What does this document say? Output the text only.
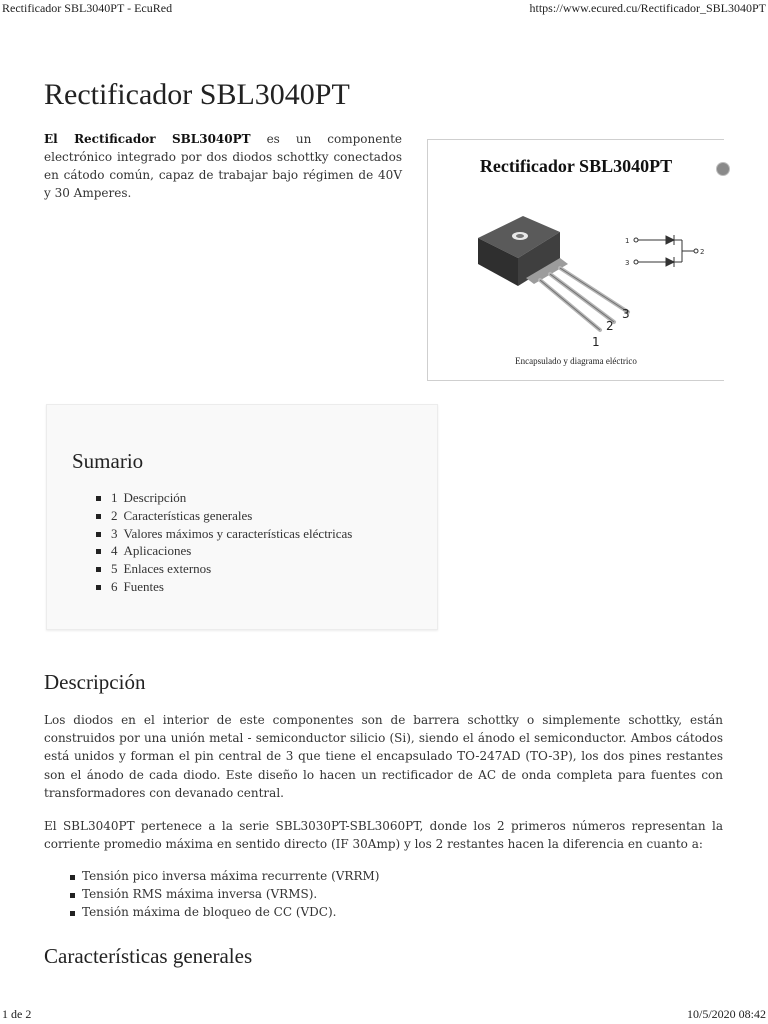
Rectificador SBL3040PT - EcuRed	https://www.ecured.cu/Rectificador_SBL3040PT
Rectificador SBL3040PT

El Rectificador SBL3040PT es un componente electrónico integrado por dos diodos schottky conectados en cátodo común, capaz de trabajar bajo régimen de 40V y 30 Amperes.

Rectificador SBL3040PT
1
2
3
1
3
2
Encapsulado y diagrama eléctrico
Sumario
1 Descripción
2 Características generales
3 Valores máximos y características eléctricas
4 Aplicaciones
5 Enlaces externos
6 Fuentes
Descripción

Los diodos en el interior de este componentes son de barrera schottky o simplemente schottky, están construidos por una unión metal - semiconductor silicio (Si), siendo el ánodo el semiconductor. Ambos cátodos está unidos y forman el pin central de 3 que tiene el encapsulado TO-247AD (TO-3P), los dos pines restantes son el ánodo de cada diodo. Este diseño lo hacen un rectificador de AC de onda completa para fuentes con transformadores con devanado central.

El SBL3040PT pertenece a la serie SBL3030PT-SBL3060PT, donde los 2 primeros números representan la corriente promedio máxima en sentido directo (IF 30Amp) y los 2 restantes hacen la diferencia en cuanto a:

Tensión pico inversa máxima recurrente (VRRM)
Tensión RMS máxima inversa (VRMS).
Tensión máxima de bloqueo de CC (VDC).
Características generales
1 de 2	10/5/2020 08:42
